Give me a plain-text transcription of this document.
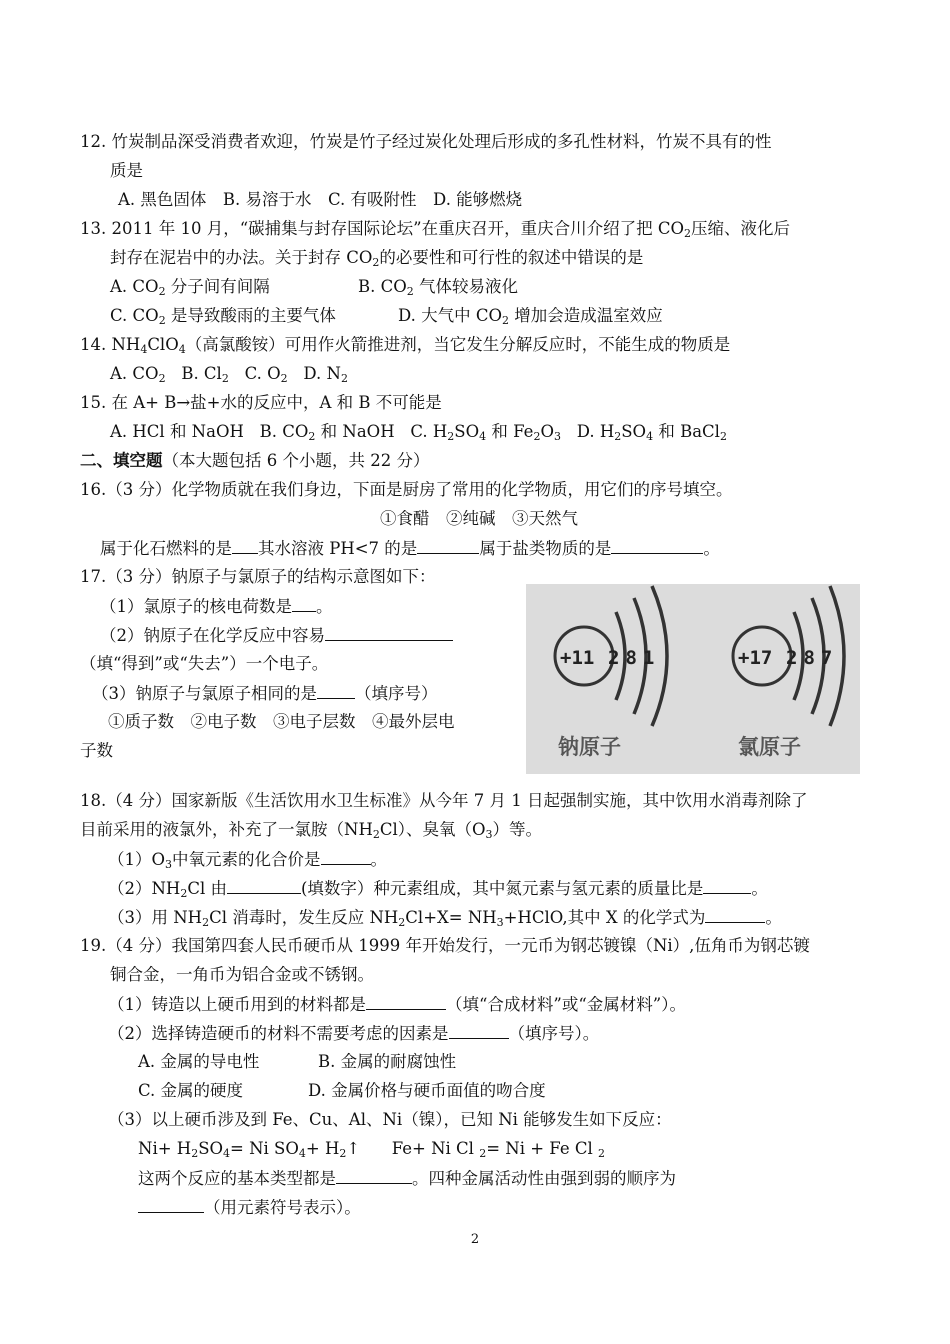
12. 竹炭制品深受消费者欢迎，竹炭是竹子经过炭化处理后形成的多孔性材料，竹炭不具有的性
质是
A. 黑色固体　B. 易溶于水　C. 有吸附性　D. 能够燃烧
13. 2011 年 10 月，“碳捕集与封存国际论坛”在重庆召开，重庆合川介绍了把 $CO_2$压缩、液化后
封存在泥岩中的办法。关于封存 $CO_2$的必要性和可行性的叙述中错误的是
A. $CO_2$ 分子间有间隔	B. $CO_2$ 气体较易液化
C. $CO_2$ 是导致酸雨的主要气体	D. 大气中 $CO_2$ 增加会造成温室效应
14. $NH_4ClO_4$（高氯酸铵）可用作火箭推进剂，当它发生分解反应时，不能生成的物质是
A. $CO_2$ B. $Cl_2$ C. $O_2$ D. $N_2$
15. 在 A+ B→盐+水的反应中，A 和 B 不可能是
A. HCl 和 NaOH B. $CO_2$ 和 NaOH C. $H_2SO_4$ 和 $Fe_2O_3$ D. $H_2SO_4$ 和 BaCl$_2$
二、填空题（本大题包括 6 个小题，共 22 分）
16.（3 分）化学物质就在我们身边，下面是厨房了常用的化学物质，用它们的序号填空。
①食醋　②纯碱　③天然气
属于化石燃料的是 其水溶液 PH<7 的是	属于盐类物质的是	。
17.（3 分）钠原子与氯原子的结构示意图如下：
（1）氯原子的核电荷数是 。
（2）钠原子在化学反应中容易
（填“得到”或“失去”）一个电子。
（3）钠原子与氯原子相同的是 （填序号）
①质子数　②电子数　③电子层数　④最外层电
子数
+11 281
钠原子
+17 287
氯原子
18.（4 分）国家新版《生活饮用水卫生标准》从今年 7 月 1 日起强制实施，其中饮用水消毒剂除了
目前采用的液氯外，补充了一氯胺$(NH_2Cl)$、臭氧$(O_3)$等。
$(1)O_3$中氧元素的化合价是	。
$(2)NH_2Cl$ 由	(填数字）种元素组成，其中氮元素与氢元素的质量比是	。
（3）用 $NH_2Cl$ 消毒时，发生反应 $NH_2Cl+X=$ $NH_3+HClO$,其中 X 的化学式为	。
19.（4 分）我国第四套人民币硬币从 1999 年开始发行，一元币为钢芯镀镍（Ni）,伍角币为钢芯镀
铜合金，一角币为铝合金或不锈钢。
（1）铸造以上硬币用到的材料都是	（填“合成材料”或“金属材料”）。
（2）选择铸造硬币的材料不需要考虑的因素是	（填序号）。
A. 金属的导电性	B. 金属的耐腐蚀性
C. 金属的硬度	D. 金属价格与硬币面值的吻合度
（3）以上硬币涉及到 Fe、Cu、Al、Ni（镍），已知 Ni 能够发生如下反应：
$Ni+ H_2SO_4= Ni$ $SO_4+$ $H_2↑$ Fe+ Ni Cl $_2$= Ni + Fe Cl $_2$
这两个反应的基本类型都是	。四种金属活动性由强到弱的顺序为
（用元素符号表示）。
2
